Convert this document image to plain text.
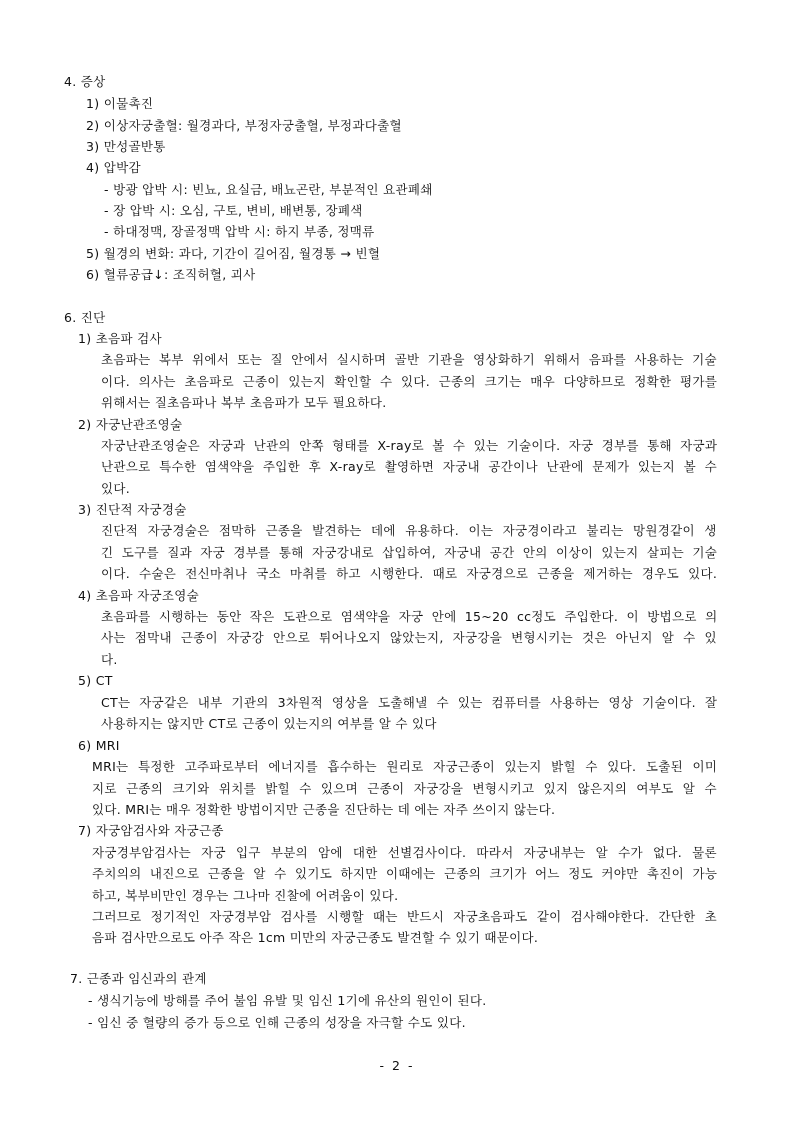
4. 증상
1) 이물촉진
2) 이상자궁출혈: 월경과다, 부정자궁출혈, 부정과다출혈
3) 만성골반통
4) 압박감
- 방광 압박 시: 빈뇨, 요실금, 배뇨곤란, 부분적인 요관폐쇄
- 장 압박 시: 오심, 구토, 변비, 배변통, 장폐색
- 하대정맥, 장골정맥 압박 시: 하지 부종, 정맥류
5) 월경의 변화: 과다, 기간이 길어짐, 월경통 → 빈혈
6) 혈류공급↓: 조직허혈, 괴사
6. 진단
1) 초음파 검사
초음파는 복부 위에서 또는 질 안에서 실시하며 골반 기관을 영상화하기 위해서 음파를 사용하는 기술
이다. 의사는 초음파로 근종이 있는지 확인할 수 있다. 근종의 크기는 매우 다양하므로 정확한 평가를
위해서는 질초음파나 복부 초음파가 모두 필요하다.
2) 자궁난관조영술
자궁난관조영술은 자궁과 난관의 안쪽 형태를 X-ray로 볼 수 있는 기술이다. 자궁 경부를 통해 자궁과
난관으로 특수한 염색약을 주입한 후 X-ray로 촬영하면 자궁내 공간이나 난관에 문제가 있는지 볼 수
있다.
3) 진단적 자궁경술
진단적 자궁경술은 점막하 근종을 발견하는 데에 유용하다. 이는 자궁경이라고 불리는 망원경같이 생
긴 도구를 질과 자궁 경부를 통해 자궁강내로 삽입하여, 자궁내 공간 안의 이상이 있는지 살피는 기술
이다. 수술은 전신마취나 국소 마취를 하고 시행한다. 때로 자궁경으로 근종을 제거하는 경우도 있다.
4) 초음파 자궁조영술
초음파를 시행하는 동안 작은 도관으로 염색약을 자궁 안에 15~20 cc정도 주입한다. 이 방법으로 의
사는 점막내 근종이 자궁강 안으로 튀어나오지 않았는지, 자궁강을 변형시키는 것은 아닌지 알 수 있
다.
5) CT
CT는 자궁같은 내부 기관의 3차원적 영상을 도출해낼 수 있는 컴퓨터를 사용하는 영상 기술이다. 잘
사용하지는 않지만 CT로 근종이 있는지의 여부를 알 수 있다
6) MRI
MRI는 특정한 고주파로부터 에너지를 흡수하는 원리로 자궁근종이 있는지 밝힐 수 있다. 도출된 이미
지로 근종의 크기와 위치를 밝힐 수 있으며 근종이 자궁강을 변형시키고 있지 않은지의 여부도 알 수
있다. MRI는 매우 정확한 방법이지만 근종을 진단하는 데 에는 자주 쓰이지 않는다.
7) 자궁암검사와 자궁근종
자궁경부암검사는 자궁 입구 부분의 암에 대한 선별검사이다. 따라서 자궁내부는 알 수가 없다. 물론
주치의의 내진으로 근종을 알 수 있기도 하지만 이때에는 근종의 크기가 어느 정도 커야만 촉진이 가능
하고, 복부비만인 경우는 그나마 진찰에 어려움이 있다.
그러므로 정기적인 자궁경부암 검사를 시행할 때는 반드시 자궁초음파도 같이 검사해야한다. 간단한 초
음파 검사만으로도 아주 작은 1cm 미만의 자궁근종도 발견할 수 있기 때문이다.
7. 근종과 임신과의 관계
- 생식기능에 방해를 주어 불임 유발 및 임신 1기에 유산의 원인이 된다.
- 임신 중 혈량의 증가 등으로 인해 근종의 성장을 자극할 수도 있다.
- 2 -
